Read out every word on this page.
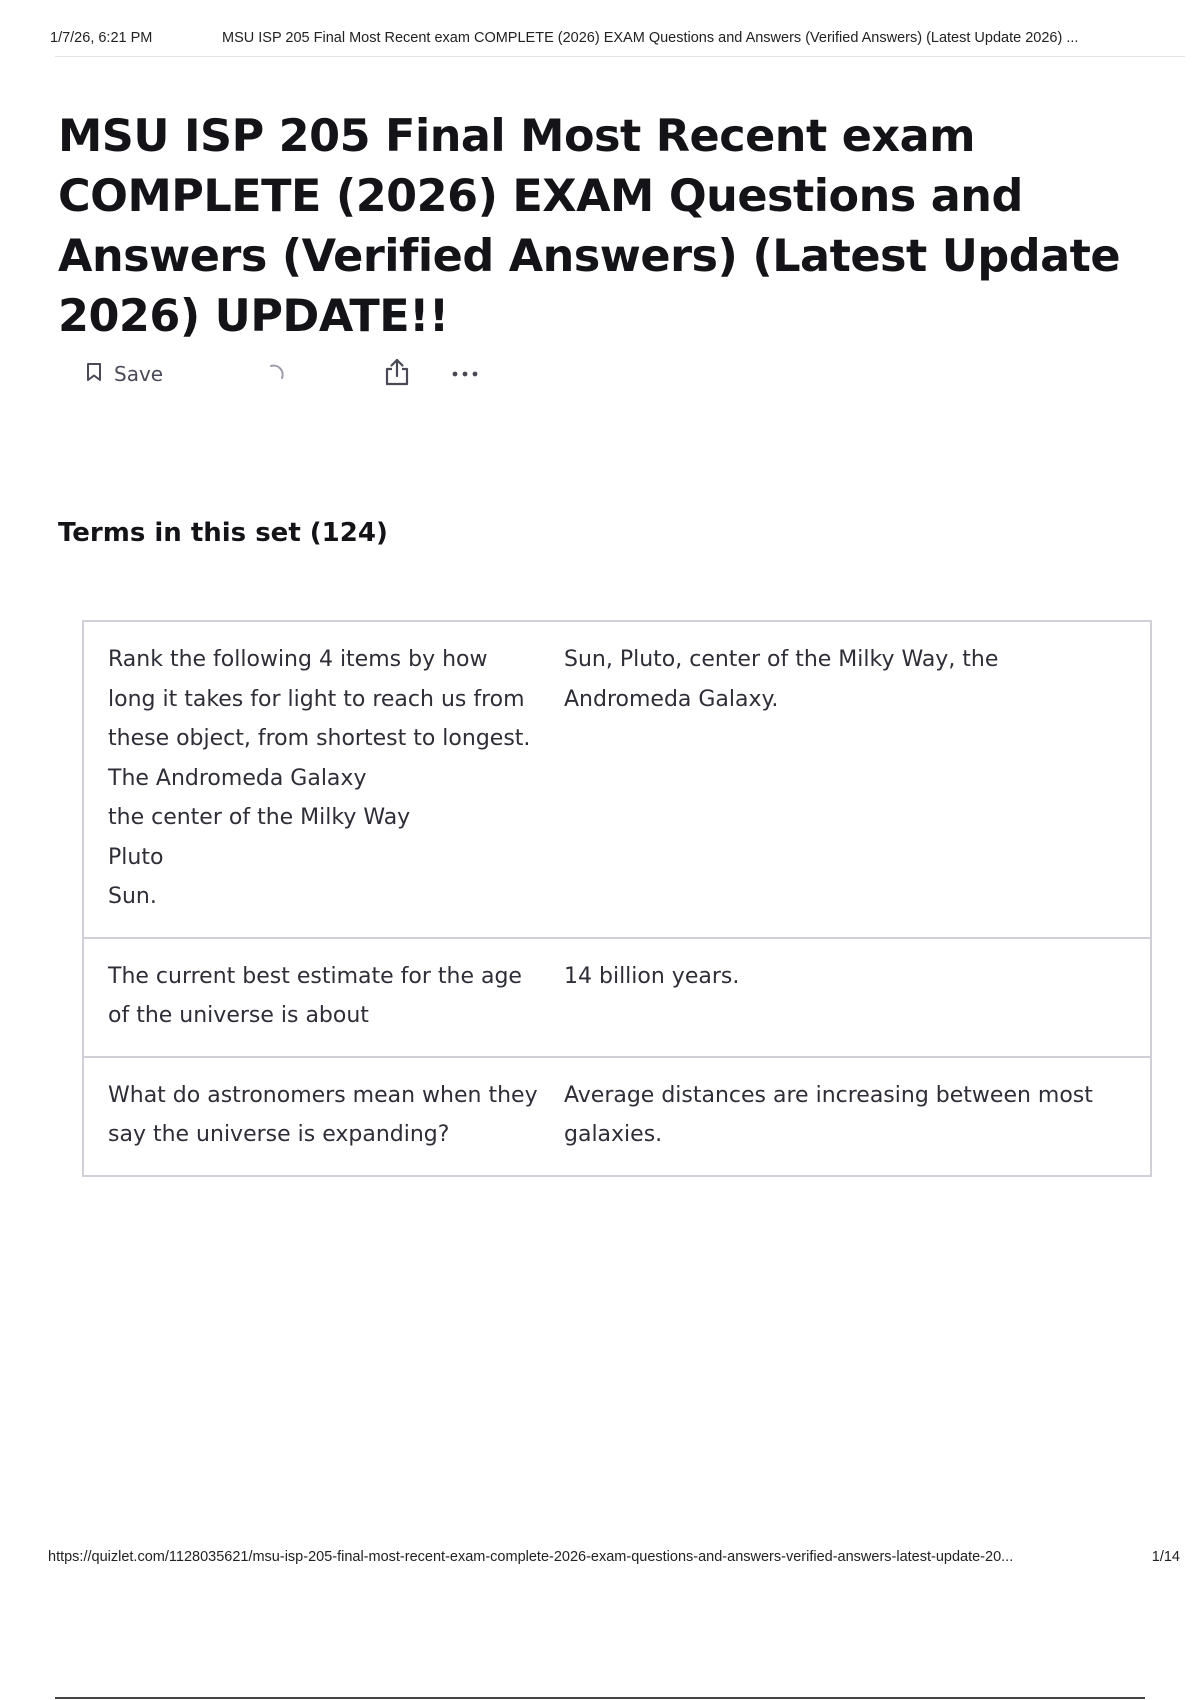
1/7/26, 6:21 PM	MSU ISP 205 Final Most Recent exam COMPLETE (2026) EXAM Questions and Answers (Verified Answers) (Latest Update 2026) ...
MSU ISP 205 Final Most Recent exam COMPLETE (2026) EXAM Questions and Answers (Verified Answers) (Latest Update 2026) UPDATE!!
Save
Terms in this set (124)
Rank the following 4 items by how long it takes for light to reach us from these object, from shortest to longest.
The Andromeda Galaxy
the center of the Milky Way
Pluto
Sun.
Sun, Pluto, center of the Milky Way, the Andromeda Galaxy.
The current best estimate for the age of the universe is about
14 billion years.
What do astronomers mean when they say the universe is expanding?
Average distances are increasing between most galaxies.
https://quizlet.com/1128035621/msu-isp-205-final-most-recent-exam-complete-2026-exam-questions-and-answers-verified-answers-latest-update-20...	1/14
